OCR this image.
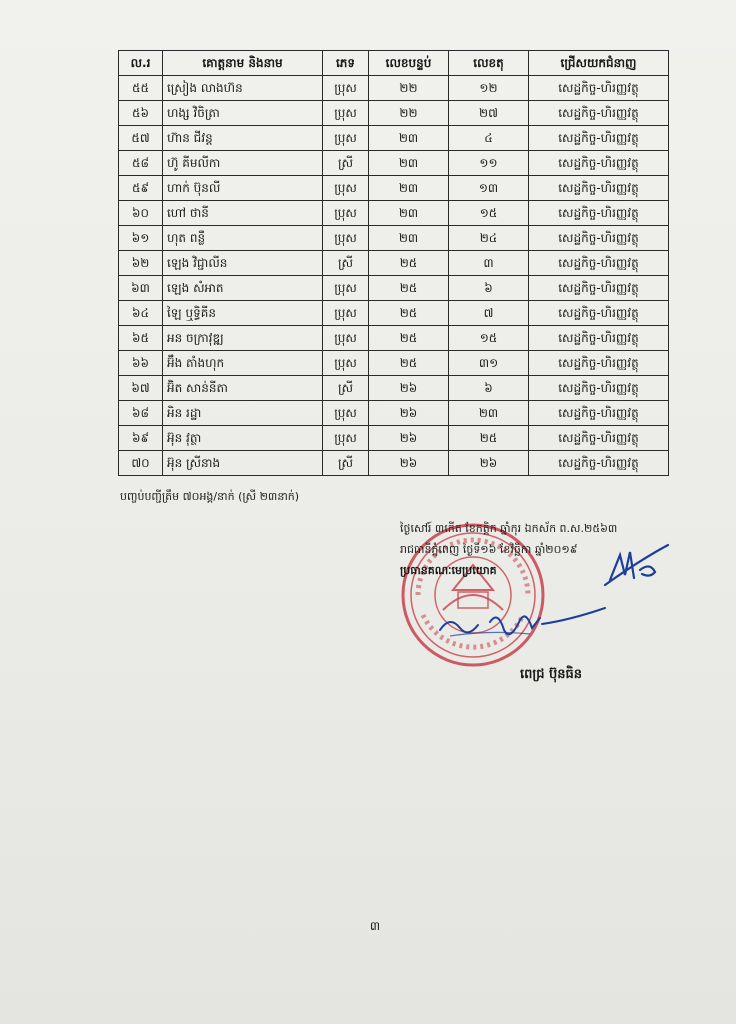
ល.រ	គោត្តនាម និងនាម	ភេទ	លេខបន្ទប់	លេខតុ	ជ្រើសយកជំនាញ
៥៥	ស្រៀង លាងហ៊ន	ប្រុស	២២	១២	សេដ្ឋកិច្ច-ហិរញ្ញវត្ថុ
៥៦	ហង្ស វិចិត្រា	ប្រុស	២២	២៧	សេដ្ឋកិច្ច-ហិរញ្ញវត្ថុ
៥៧	ហ៊ាន ជីវន្ត	ប្រុស	២៣	៤	សេដ្ឋកិច្ច-ហិរញ្ញវត្ថុ
៥៨	ហ៊ូ គីមលីកា	ស្រី	២៣	១១	សេដ្ឋកិច្ច-ហិរញ្ញវត្ថុ
៥៩	ហាក់ ប៊ុនលី	ប្រុស	២៣	១៣	សេដ្ឋកិច្ច-ហិរញ្ញវត្ថុ
៦០	ហៅ ថានី	ប្រុស	២៣	១៥	សេដ្ឋកិច្ច-ហិរញ្ញវត្ថុ
៦១	ហុត ពន្លឺ	ប្រុស	២៣	២៤	សេដ្ឋកិច្ច-ហិរញ្ញវត្ថុ
៦២	ឡេង វិជ្ជាលីន	ស្រី	២៥	៣	សេដ្ឋកិច្ច-ហិរញ្ញវត្ថុ
៦៣	ឡេង សំអាត	ប្រុស	២៥	៦	សេដ្ឋកិច្ច-ហិរញ្ញវត្ថុ
៦៤	ឡៃ ឬទ្ធិគីន	ប្រុស	២៥	៧	សេដ្ឋកិច្ច-ហិរញ្ញវត្ថុ
៦៥	អន ចក្រាវុឌ្ឍ	ប្រុស	២៥	១៥	សេដ្ឋកិច្ច-ហិរញ្ញវត្ថុ
៦៦	អ៊ឹង តាំងហុក	ប្រុស	២៥	៣១	សេដ្ឋកិច្ច-ហិរញ្ញវត្ថុ
៦៧	អ៊ិត សាន់នីតា	ស្រី	២៦	៦	សេដ្ឋកិច្ច-ហិរញ្ញវត្ថុ
៦៨	អិន រដ្ឋា	ប្រុស	២៦	២៣	សេដ្ឋកិច្ច-ហិរញ្ញវត្ថុ
៦៩	អ៊ុន វុត្ថា	ប្រុស	២៦	២៥	សេដ្ឋកិច្ច-ហិរញ្ញវត្ថុ
៧០	អ៊ុន ស្រីនាង	ស្រី	២៦	២៦	សេដ្ឋកិច្ច-ហិរញ្ញវត្ថុ
បញ្ចប់បញ្ជីត្រឹម ៧០អង្គ/នាក់ (ស្រី ២៣នាក់)
ថ្ងៃសៅរ៍ ៣កើត ខែកត្តិក ឆ្នាំកុរ ឯកស័ក ព.ស.២៥៦៣
រាជធានីភ្នំពេញ ថ្ងៃទី១៦ ខែវិច្ឆិកា ឆ្នាំ២០១៩
ប្រធានគណៈមេប្រយោគ
ពេជ្រ ប៊ុនធិន
៣
